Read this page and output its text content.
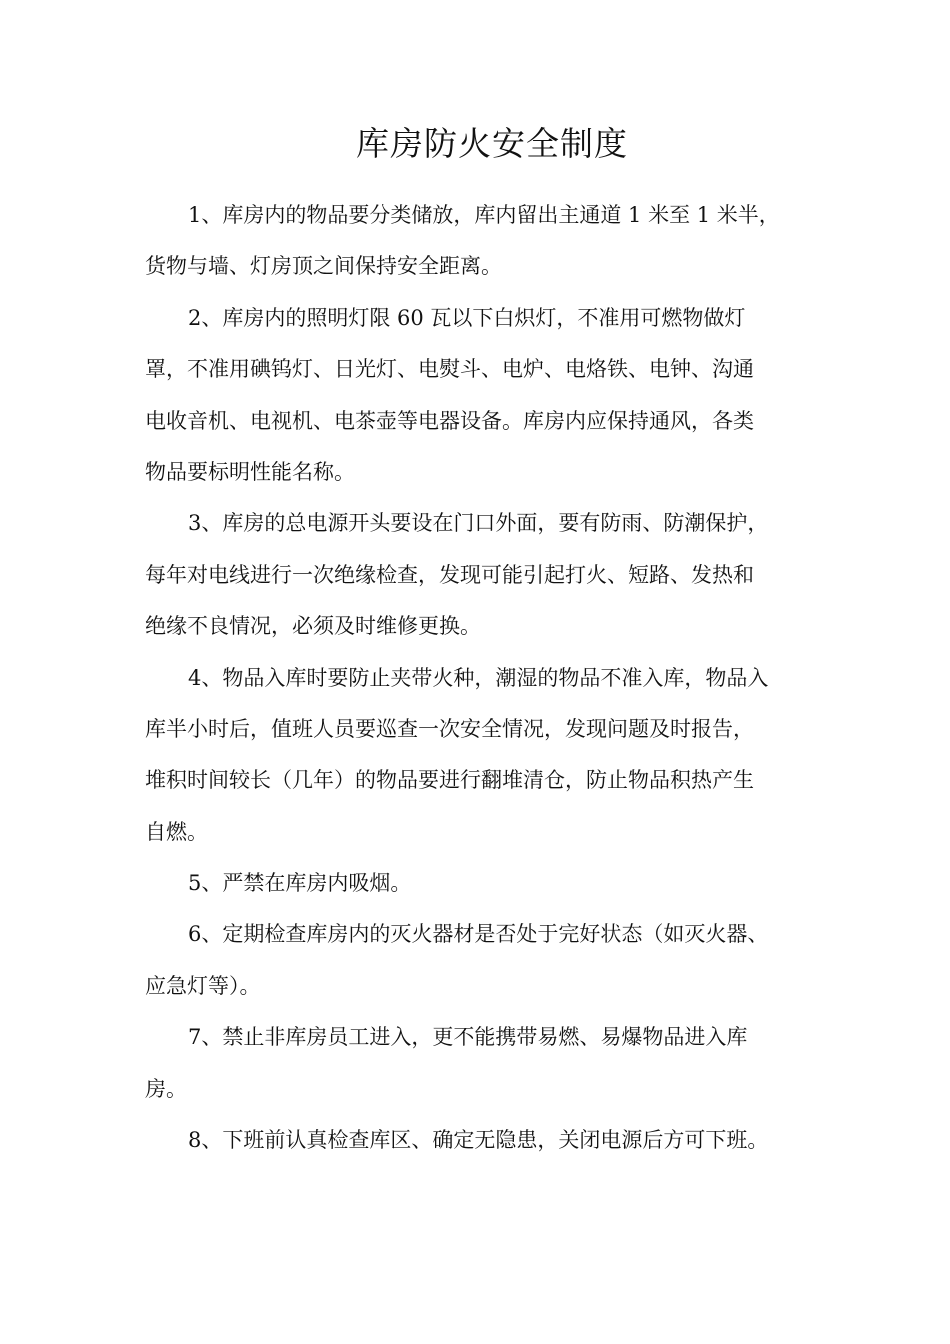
库房防火安全制度
1、库房内的物品要分类储放，库内留出主通道 1 米至 1 米半，
货物与墙、灯房顶之间保持安全距离。
2、库房内的照明灯限 60 瓦以下白炽灯，不准用可燃物做灯
罩，不准用碘钨灯、日光灯、电熨斗、电炉、电烙铁、电钟、沟通
电收音机、电视机、电茶壶等电器设备。库房内应保持通风，各类
物品要标明性能名称。
3、库房的总电源开头要设在门口外面，要有防雨、防潮保护，
每年对电线进行一次绝缘检查，发现可能引起打火、短路、发热和
绝缘不良情况，必须及时维修更换。
4、物品入库时要防止夹带火种，潮湿的物品不准入库，物品入
库半小时后，值班人员要巡查一次安全情况，发现问题及时报告，
堆积时间较长（几年）的物品要进行翻堆清仓，防止物品积热产生
自燃。
5、严禁在库房内吸烟。
6、定期检查库房内的灭火器材是否处于完好状态（如灭火器、
应急灯等）。
7、禁止非库房员工进入，更不能携带易燃、易爆物品进入库
房。
8、下班前认真检查库区、确定无隐患，关闭电源后方可下班。
